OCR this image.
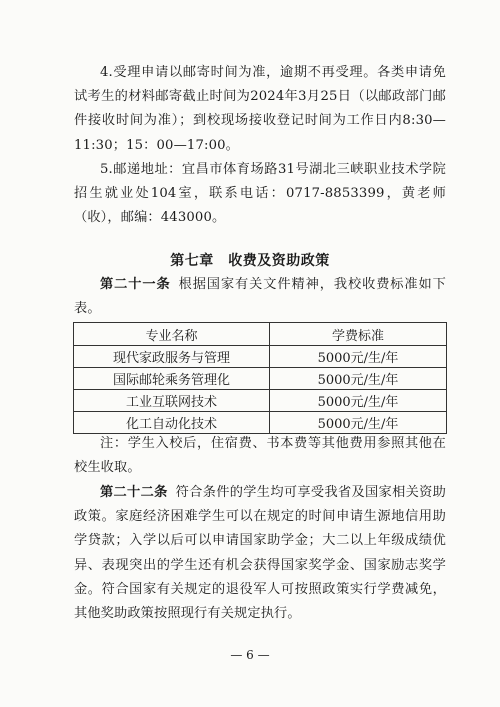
4.受理申请以邮寄时间为准，逾期不再受理。各类申请免试考生的材料邮寄截止时间为2024年3月25日（以邮政部门邮件接收时间为准）；到校现场接收登记时间为工作日内8:30—11:30；15：00—17:00。

5.邮递地址：宜昌市体育场路31号湖北三峡职业技术学院招生就业处104室，联系电话：0717-8853399，黄老师（收），邮编：443000。

第七章　收费及资助政策

第二十一条 根据国家有关文件精神，我校收费标准如下表。

专业名称	学费标准
现代家政服务与管理	5000元/生/年
国际邮轮乘务管理化	5000元/生/年
工业互联网技术	5000元/生/年
化工自动化技术	5000元/生/年

注：学生入校后，住宿费、书本费等其他费用参照其他在校生收取。

第二十二条 符合条件的学生均可享受我省及国家相关资助政策。家庭经济困难学生可以在规定的时间申请生源地信用助学贷款；入学以后可以申请国家助学金；大二以上年级成绩优异、表现突出的学生还有机会获得国家奖学金、国家励志奖学金。符合国家有关规定的退役军人可按照政策实行学费减免，其他奖助政策按照现行有关规定执行。

— 6 —
